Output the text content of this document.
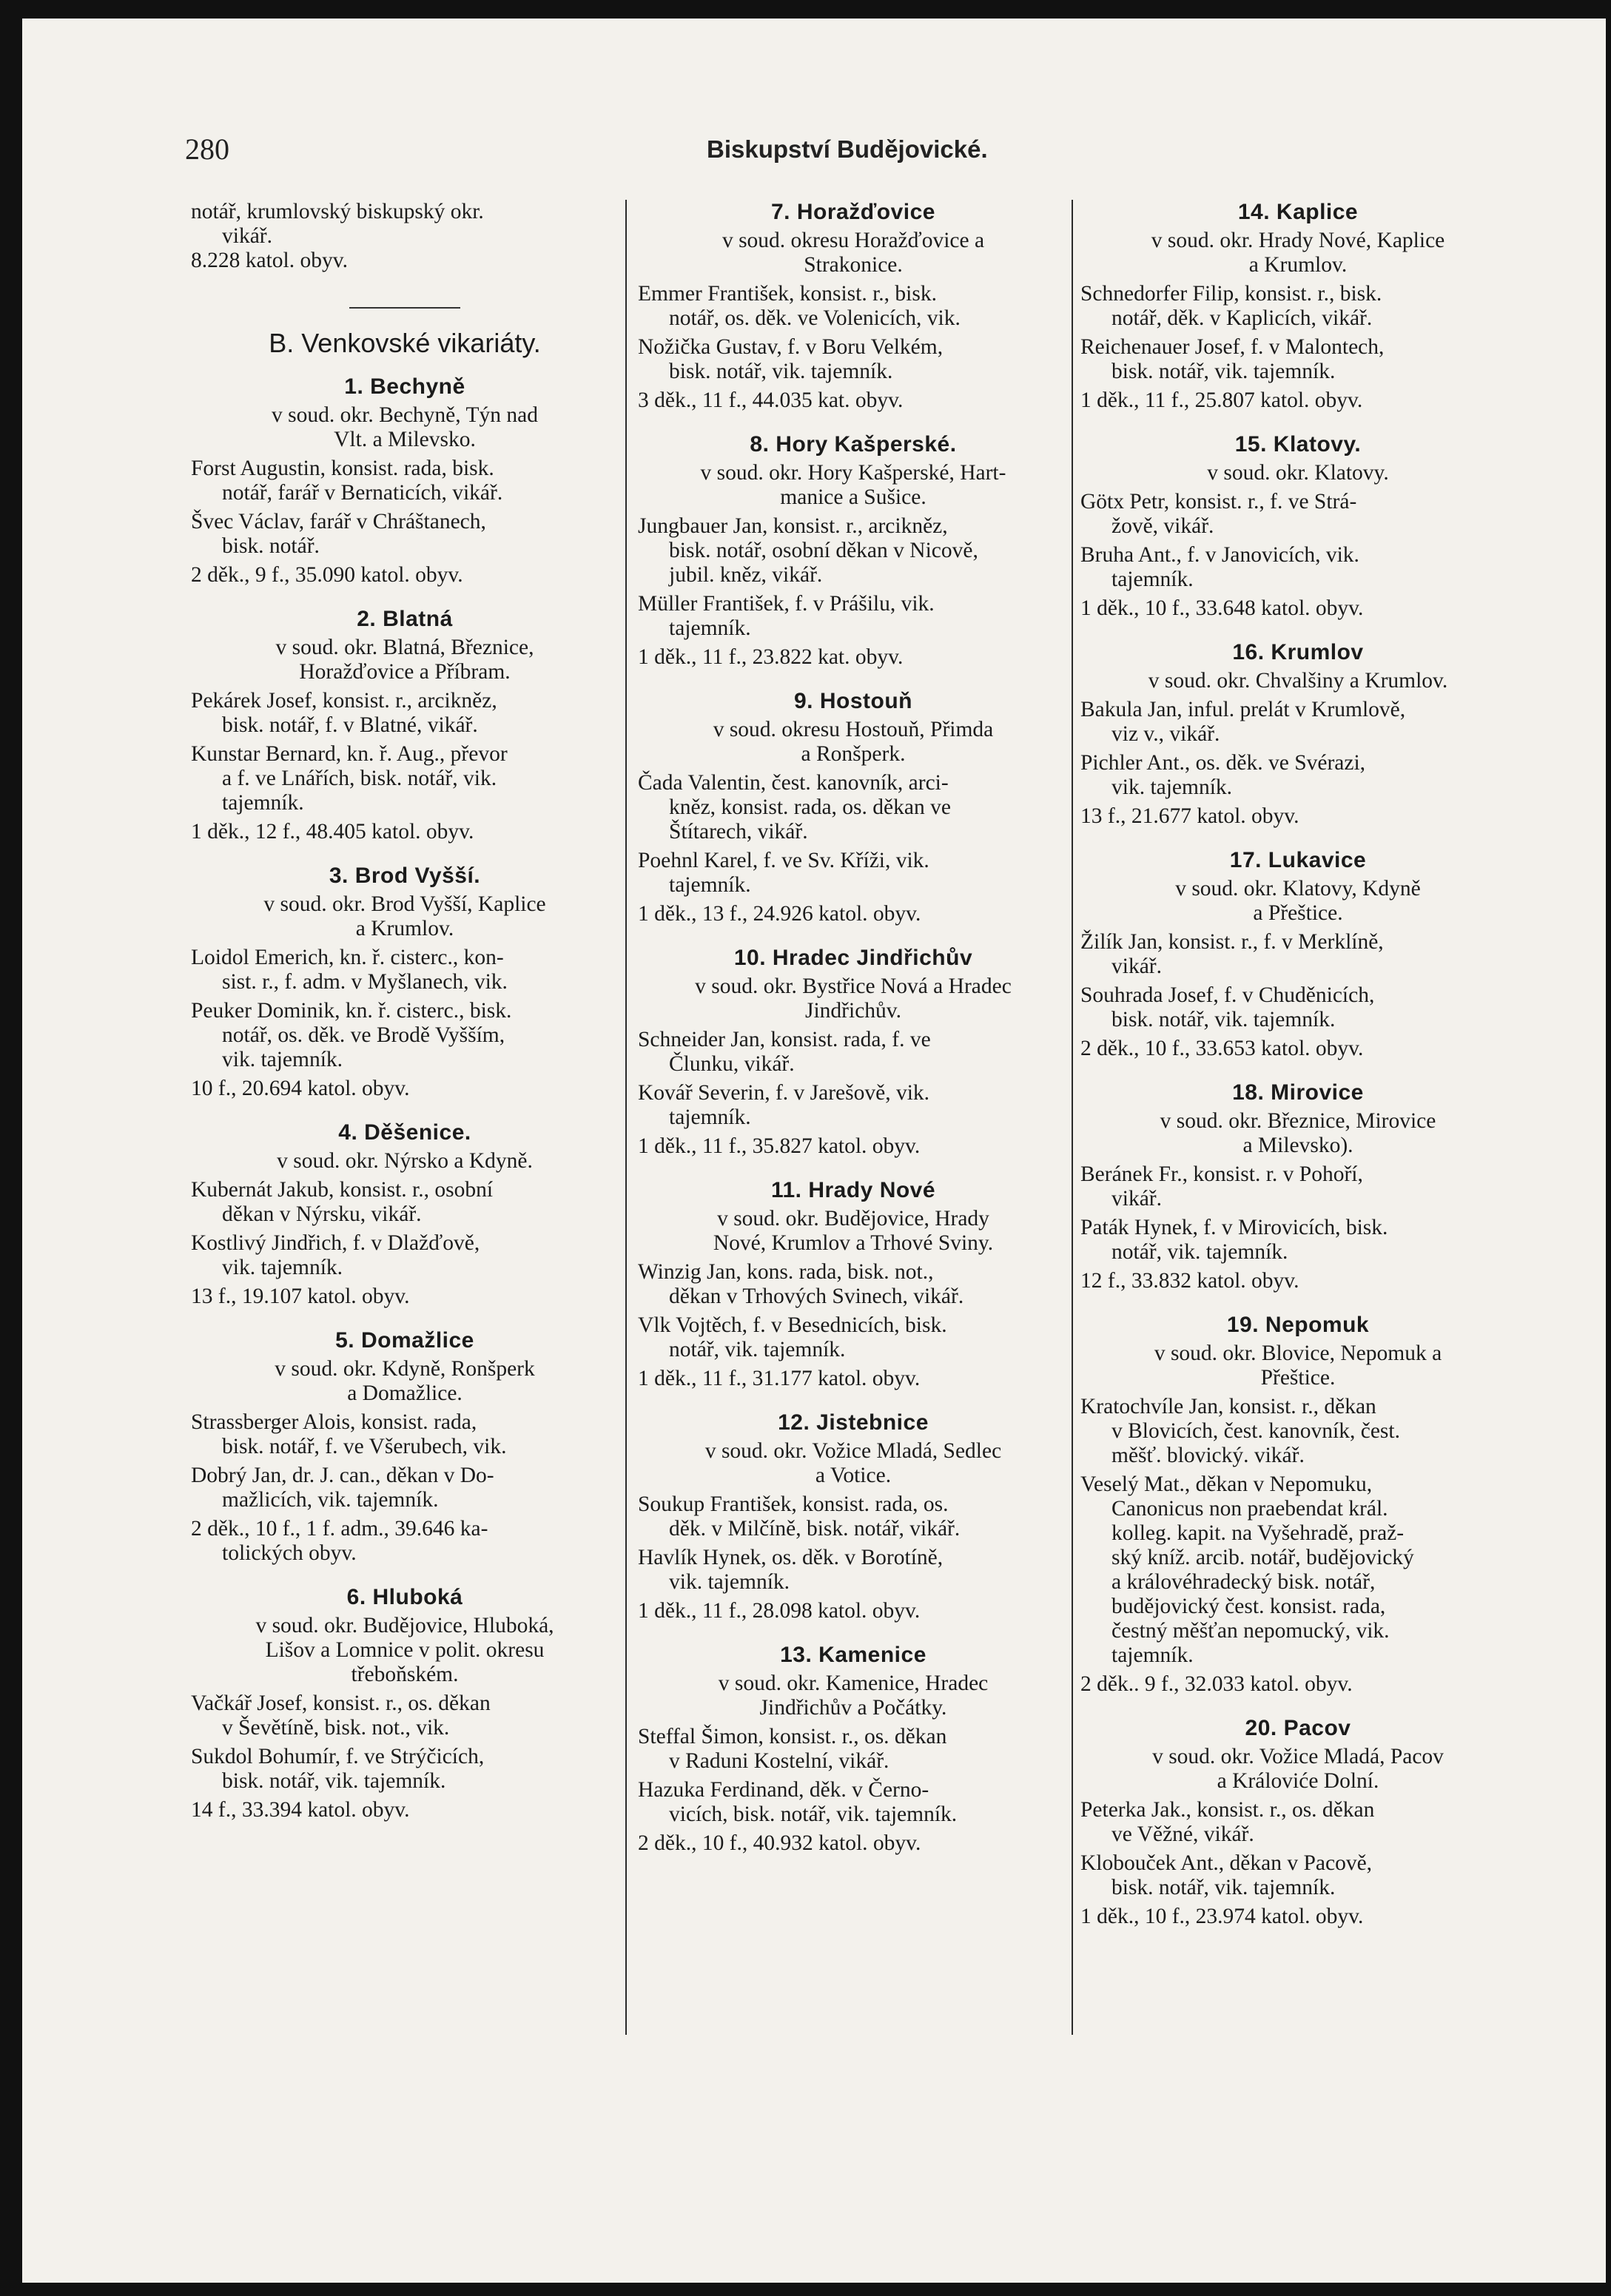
280	Biskupství Budějovické.
notář, krumlovský biskupský okr.
vikář.
8.228 katol. obyv.
B. Venkovské vikariáty.
1. Bechyně
v soud. okr. Bechyně, Týn nad
Vlt. a Milevsko.
Forst Augustin, konsist. rada, bisk.
notář, farář v Bernaticích, vikář.
Švec Václav, farář v Chráštanech,
bisk. notář.
2 děk., 9 f., 35.090 katol. obyv.
2. Blatná
v soud. okr. Blatná, Březnice,
Horažďovice a Příbram.
Pekárek Josef, konsist. r., arcikněz,
bisk. notář, f. v Blatné, vikář.
Kunstar Bernard, kn. ř. Aug., převor
a f. ve Lnářích, bisk. notář, vik.
tajemník.
1 děk., 12 f., 48.405 katol. obyv.
3. Brod Vyšší.
v soud. okr. Brod Vyšší, Kaplice
a Krumlov.
Loidol Emerich, kn. ř. cisterc., kon-
sist. r., f. adm. v Myšlanech, vik.
Peuker Dominik, kn. ř. cisterc., bisk.
notář, os. děk. ve Brodě Vyšším,
vik. tajemník.
10 f., 20.694 katol. obyv.
4. Děšenice.
v soud. okr. Nýrsko a Kdyně.
Kubernát Jakub, konsist. r., osobní
děkan v Nýrsku, vikář.
Kostlivý Jindřich, f. v Dlažďově,
vik. tajemník.
13 f., 19.107 katol. obyv.
5. Domažlice
v soud. okr. Kdyně, Ronšperk
a Domažlice.
Strassberger Alois, konsist. rada,
bisk. notář, f. ve Všerubech, vik.
Dobrý Jan, dr. J. can., děkan v Do-
mažlicích, vik. tajemník.
2 děk., 10 f., 1 f. adm., 39.646 ka-
tolických obyv.
6. Hluboká
v soud. okr. Budějovice, Hluboká,
Lišov a Lomnice v polit. okresu
třeboňském.
Vačkář Josef, konsist. r., os. děkan
v Ševětíně, bisk. not., vik.
Sukdol Bohumír, f. ve Strýčicích,
bisk. notář, vik. tajemník.
14 f., 33.394 katol. obyv.
7. Horažďovice
v soud. okresu Horažďovice a
Strakonice.
Emmer František, konsist. r., bisk.
notář, os. děk. ve Volenicích, vik.
Nožička Gustav, f. v Boru Velkém,
bisk. notář, vik. tajemník.
3 děk., 11 f., 44.035 kat. obyv.
8. Hory Kašperské.
v soud. okr. Hory Kašperské, Hart-
manice a Sušice.
Jungbauer Jan, konsist. r., arcikněz,
bisk. notář, osobní děkan v Nicově,
jubil. kněz, vikář.
Müller František, f. v Prášilu, vik.
tajemník.
1 děk., 11 f., 23.822 kat. obyv.
9. Hostouň
v soud. okresu Hostouň, Přimda
a Ronšperk.
Čada Valentin, čest. kanovník, arci-
kněz, konsist. rada, os. děkan ve
Štítarech, vikář.
Poehnl Karel, f. ve Sv. Kříži, vik.
tajemník.
1 děk., 13 f., 24.926 katol. obyv.
10. Hradec Jindřichův
v soud. okr. Bystřice Nová a Hradec
Jindřichův.
Schneider Jan, konsist. rada, f. ve
Člunku, vikář.
Kovář Severin, f. v Jarešově, vik.
tajemník.
1 děk., 11 f., 35.827 katol. obyv.
11. Hrady Nové
v soud. okr. Budějovice, Hrady
Nové, Krumlov a Trhové Sviny.
Winzig Jan, kons. rada, bisk. not.,
děkan v Trhových Svinech, vikář.
Vlk Vojtěch, f. v Besednicích, bisk.
notář, vik. tajemník.
1 děk., 11 f., 31.177 katol. obyv.
12. Jistebnice
v soud. okr. Vožice Mladá, Sedlec
a Votice.
Soukup František, konsist. rada, os.
děk. v Milčíně, bisk. notář, vikář.
Havlík Hynek, os. děk. v Borotíně,
vik. tajemník.
1 děk., 11 f., 28.098 katol. obyv.
13. Kamenice
v soud. okr. Kamenice, Hradec
Jindřichův a Počátky.
Steffal Šimon, konsist. r., os. děkan
v Raduni Kostelní, vikář.
Hazuka Ferdinand, děk. v Černo-
vicích, bisk. notář, vik. tajemník.
2 děk., 10 f., 40.932 katol. obyv.
14. Kaplice
v soud. okr. Hrady Nové, Kaplice
a Krumlov.
Schnedorfer Filip, konsist. r., bisk.
notář, děk. v Kaplicích, vikář.
Reichenauer Josef, f. v Malontech,
bisk. notář, vik. tajemník.
1 děk., 11 f., 25.807 katol. obyv.
15. Klatovy.
v soud. okr. Klatovy.
Götx Petr, konsist. r., f. ve Strá-
žově, vikář.
Bruha Ant., f. v Janovicích, vik.
tajemník.
1 děk., 10 f., 33.648 katol. obyv.
16. Krumlov
v soud. okr. Chvalšiny a Krumlov.
Bakula Jan, inful. prelát v Krumlově,
viz v., vikář.
Pichler Ant., os. děk. ve Svérazi,
vik. tajemník.
13 f., 21.677 katol. obyv.
17. Lukavice
v soud. okr. Klatovy, Kdyně
a Přeštice.
Žilík Jan, konsist. r., f. v Merklíně,
vikář.
Souhrada Josef, f. v Chuděnicích,
bisk. notář, vik. tajemník.
2 děk., 10 f., 33.653 katol. obyv.
18. Mirovice
v soud. okr. Březnice, Mirovice
a Milevsko).
Beránek Fr., konsist. r. v Pohoří,
vikář.
Paták Hynek, f. v Mirovicích, bisk.
notář, vik. tajemník.
12 f., 33.832 katol. obyv.
19. Nepomuk
v soud. okr. Blovice, Nepomuk a
Přeštice.
Kratochvíle Jan, konsist. r., děkan
v Blovicích, čest. kanovník, čest.
měšť. blovický. vikář.
Veselý Mat., děkan v Nepomuku,
Canonicus non praebendat král.
kolleg. kapit. na Vyšehradě, praž-
ský kníž. arcib. notář, budějovický
a královéhradecký bisk. notář,
budějovický čest. konsist. rada,
čestný měšťan nepomucký, vik.
tajemník.
2 děk.. 9 f., 32.033 katol. obyv.
20. Pacov
v soud. okr. Vožice Mladá, Pacov
a Královiće Dolní.
Peterka Jak., konsist. r., os. děkan
ve Věžné, vikář.
Klobouček Ant., děkan v Pacově,
bisk. notář, vik. tajemník.
1 děk., 10 f., 23.974 katol. obyv.
